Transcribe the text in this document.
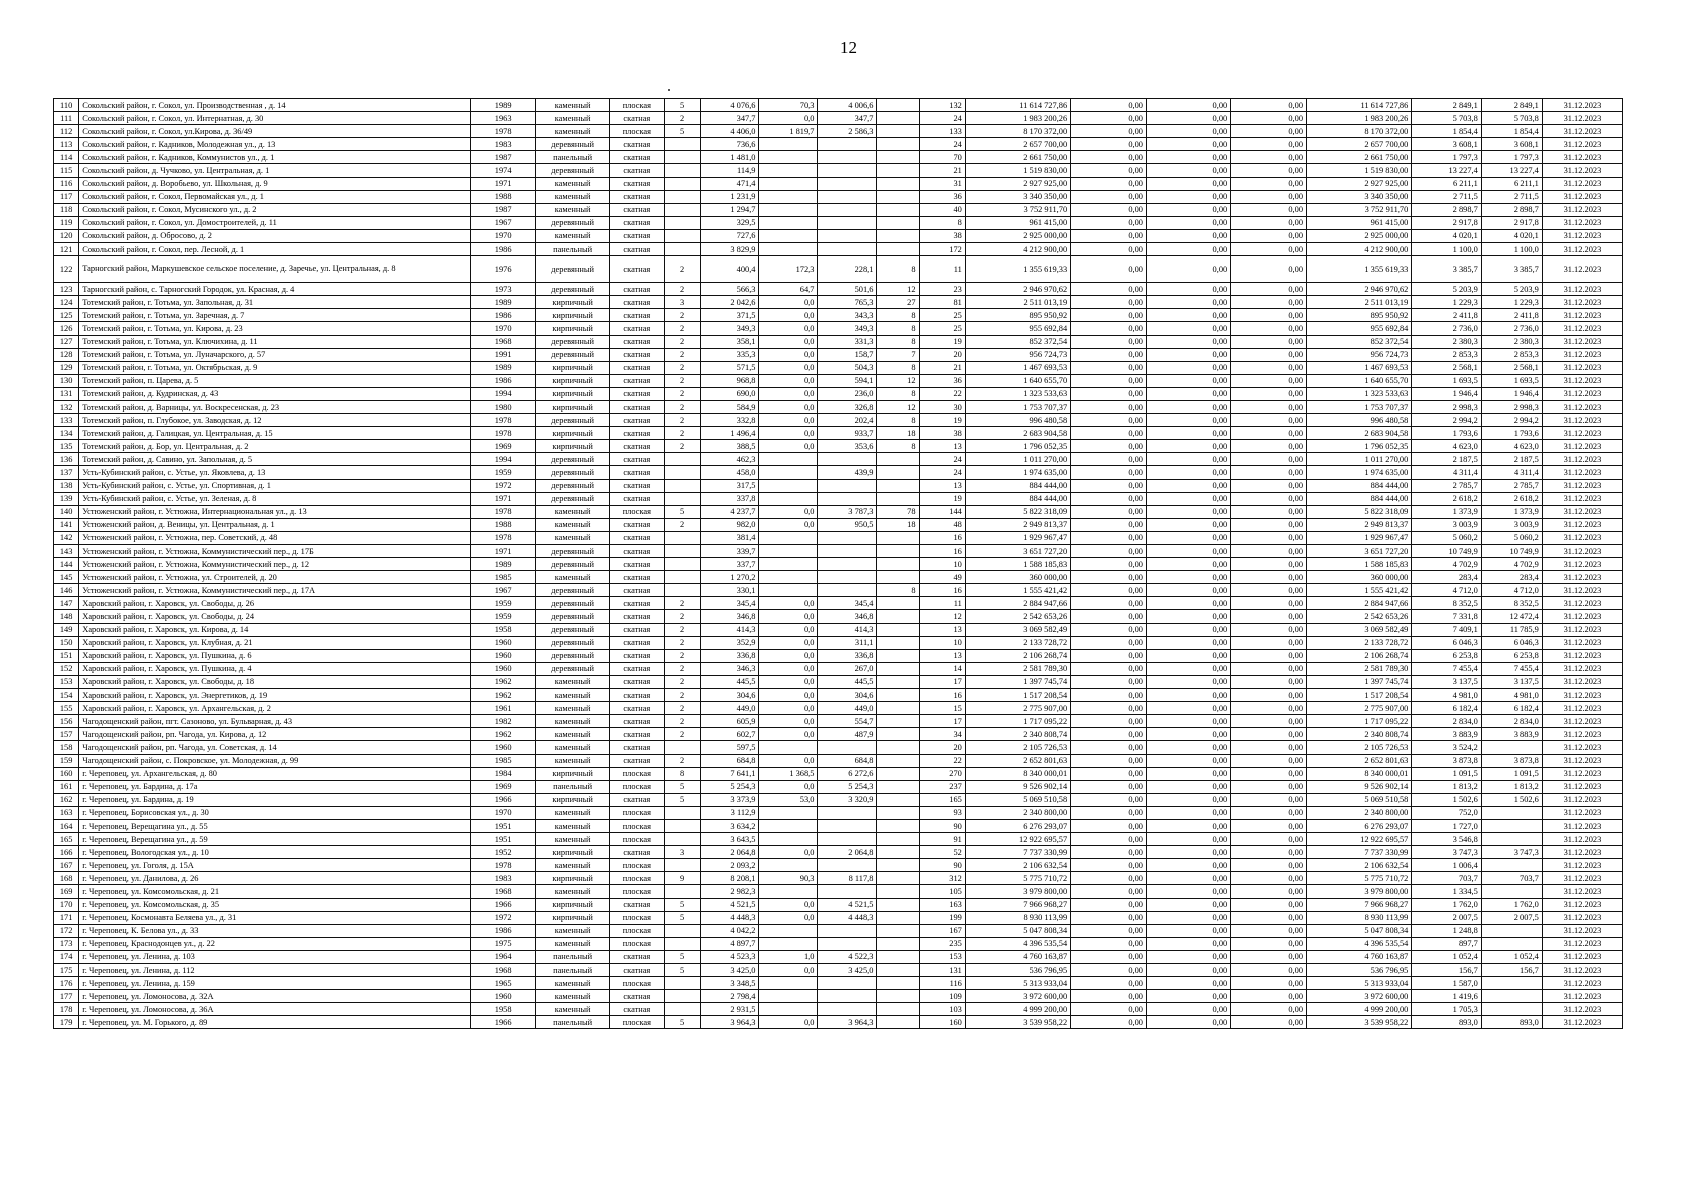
12
110	Сокольский район, г. Сокол, ул. Производственная , д. 14	1989	каменный	плоская	5	4 076,6	70,3	4 006,6		132	11 614 727,86	0,00	0,00	0,00	11 614 727,86	2 849,1	2 849,1	31.12.2023
111	Сокольский район, г. Сокол, ул. Интернатная, д. 30	1963	каменный	скатная	2	347,7	0,0	347,7		24	1 983 200,26	0,00	0,00	0,00	1 983 200,26	5 703,8	5 703,8	31.12.2023
112	Сокольский район, г. Сокол, ул.Кирова, д. 36/49	1978	каменный	плоская	5	4 406,0	1 819,7	2 586,3		133	8 170 372,00	0,00	0,00	0,00	8 170 372,00	1 854,4	1 854,4	31.12.2023
113	Сокольский район, г. Кадников, Молодежная ул., д. 13	1983	деревянный	скатная		736,6				24	2 657 700,00	0,00	0,00	0,00	2 657 700,00	3 608,1	3 608,1	31.12.2023
114	Сокольский район, г. Кадников, Коммунистов ул., д. 1	1987	панельный	скатная		1 481,0				70	2 661 750,00	0,00	0,00	0,00	2 661 750,00	1 797,3	1 797,3	31.12.2023
115	Сокольский район, д. Чучково, ул. Центральная, д. 1	1974	деревянный	скатная		114,9				21	1 519 830,00	0,00	0,00	0,00	1 519 830,00	13 227,4	13 227,4	31.12.2023
116	Сокольский район, д. Воробьево, ул. Школьная, д. 9	1971	каменный	скатная		471,4				31	2 927 925,00	0,00	0,00	0,00	2 927 925,00	6 211,1	6 211,1	31.12.2023
117	Сокольский район, г. Сокол, Первомайская ул., д. 1	1988	каменный	скатная		1 231,9				36	3 340 350,00	0,00	0,00	0,00	3 340 350,00	2 711,5	2 711,5	31.12.2023
118	Сокольский район, г. Сокол, Мусинского ул., д. 2	1987	каменный	скатная		1 294,7				40	3 752 911,70	0,00	0,00	0,00	3 752 911,70	2 898,7	2 898,7	31.12.2023
119	Сокольский район, г. Сокол, ул. Домостроителей, д. 11	1967	деревянный	скатная		329,5				8	961 415,00	0,00	0,00	0,00	961 415,00	2 917,8	2 917,8	31.12.2023
120	Сокольский район, д. Обросово, д. 2	1970	каменный	скатная		727,6				38	2 925 000,00	0,00	0,00	0,00	2 925 000,00	4 020,1	4 020,1	31.12.2023
121	Сокольский район, г. Сокол, пер. Лесной, д. 1	1986	панельный	скатная		3 829,9				172	4 212 900,00	0,00	0,00	0,00	4 212 900,00	1 100,0	1 100,0	31.12.2023
122	Тарногский район, Маркушевское сельское поселение, д. Заречье, ул. Центральная, д. 8	1976	деревянный	скатная	2	400,4	172,3	228,1	8	11	1 355 619,33	0,00	0,00	0,00	1 355 619,33	3 385,7	3 385,7	31.12.2023
123	Тарногский район, с. Тарногский Городок, ул. Красная, д. 4	1973	деревянный	скатная	2	566,3	64,7	501,6	12	23	2 946 970,62	0,00	0,00	0,00	2 946 970,62	5 203,9	5 203,9	31.12.2023
124	Тотемский район, г. Тотьма, ул. Запольная, д. 31	1989	кирпичный	скатная	3	2 042,6	0,0	765,3	27	81	2 511 013,19	0,00	0,00	0,00	2 511 013,19	1 229,3	1 229,3	31.12.2023
125	Тотемский район, г. Тотьма, ул. Заречная, д. 7	1986	кирпичный	скатная	2	371,5	0,0	343,3	8	25	895 950,92	0,00	0,00	0,00	895 950,92	2 411,8	2 411,8	31.12.2023
126	Тотемский район, г. Тотьма, ул. Кирова, д. 23	1970	кирпичный	скатная	2	349,3	0,0	349,3	8	25	955 692,84	0,00	0,00	0,00	955 692,84	2 736,0	2 736,0	31.12.2023
127	Тотемский район, г. Тотьма, ул. Ключихина, д. 11	1968	деревянный	скатная	2	358,1	0,0	331,3	8	19	852 372,54	0,00	0,00	0,00	852 372,54	2 380,3	2 380,3	31.12.2023
128	Тотемский район, г. Тотьма, ул. Луначарского, д. 57	1991	деревянный	скатная	2	335,3	0,0	158,7	7	20	956 724,73	0,00	0,00	0,00	956 724,73	2 853,3	2 853,3	31.12.2023
129	Тотемский район, г. Тотьма, ул. Октябрьская, д. 9	1989	кирпичный	скатная	2	571,5	0,0	504,3	8	21	1 467 693,53	0,00	0,00	0,00	1 467 693,53	2 568,1	2 568,1	31.12.2023
130	Тотемский район, п. Царева, д. 5	1986	кирпичный	скатная	2	968,8	0,0	594,1	12	36	1 640 655,70	0,00	0,00	0,00	1 640 655,70	1 693,5	1 693,5	31.12.2023
131	Тотемский район, д. Кудринская, д. 43	1994	кирпичный	скатная	2	690,0	0,0	236,0	8	22	1 323 533,63	0,00	0,00	0,00	1 323 533,63	1 946,4	1 946,4	31.12.2023
132	Тотемский район, д. Варницы, ул. Воскресенская, д. 23	1980	кирпичный	скатная	2	584,9	0,0	326,8	12	30	1 753 707,37	0,00	0,00	0,00	1 753 707,37	2 998,3	2 998,3	31.12.2023
133	Тотемский район, п. Глубокое, ул. Заводская, д. 12	1978	деревянный	скатная	2	332,8	0,0	202,4	8	19	996 480,58	0,00	0,00	0,00	996 480,58	2 994,2	2 994,2	31.12.2023
134	Тотемский район, д. Галицкая, ул. Центральная, д. 15	1978	кирпичный	скатная	2	1 496,4	0,0	933,7	18	38	2 683 904,58	0,00	0,00	0,00	2 683 904,58	1 793,6	1 793,6	31.12.2023
135	Тотемский район, д. Бор, ул. Центральная, д. 2	1969	кирпичный	скатная	2	388,5	0,0	353,6	8	13	1 796 052,35	0,00	0,00	0,00	1 796 052,35	4 623,0	4 623,0	31.12.2023
136	Тотемский район, д. Савино, ул. Запольная, д. 5	1994	деревянный	скатная		462,3				24	1 011 270,00	0,00	0,00	0,00	1 011 270,00	2 187,5	2 187,5	31.12.2023
137	Усть-Кубинский район, с. Устье, ул. Яковлева, д. 13	1959	деревянный	скатная		458,0		439,9		24	1 974 635,00	0,00	0,00	0,00	1 974 635,00	4 311,4	4 311,4	31.12.2023
138	Усть-Кубинский район, с. Устье, ул. Спортивная, д. 1	1972	деревянный	скатная		317,5				13	884 444,00	0,00	0,00	0,00	884 444,00	2 785,7	2 785,7	31.12.2023
139	Усть-Кубинский район, с. Устье, ул. Зеленая, д. 8	1971	деревянный	скатная		337,8				19	884 444,00	0,00	0,00	0,00	884 444,00	2 618,2	2 618,2	31.12.2023
140	Устюженский район, г. Устюжна, Интернациональная ул., д. 13	1978	каменный	плоская	5	4 237,7	0,0	3 787,3	78	144	5 822 318,09	0,00	0,00	0,00	5 822 318,09	1 373,9	1 373,9	31.12.2023
141	Устюженский район, д. Веницы, ул. Центральная, д. 1	1988	каменный	скатная	2	982,0	0,0	950,5	18	48	2 949 813,37	0,00	0,00	0,00	2 949 813,37	3 003,9	3 003,9	31.12.2023
142	Устюженский район, г. Устюжна, пер. Советский, д. 48	1978	каменный	скатная		381,4				16	1 929 967,47	0,00	0,00	0,00	1 929 967,47	5 060,2	5 060,2	31.12.2023
143	Устюженский район, г. Устюжна, Коммунистический пер., д. 17Б	1971	деревянный	скатная		339,7				16	3 651 727,20	0,00	0,00	0,00	3 651 727,20	10 749,9	10 749,9	31.12.2023
144	Устюженский район, г. Устюжна, Коммунистический пер., д. 12	1989	деревянный	скатная		337,7				10	1 588 185,83	0,00	0,00	0,00	1 588 185,83	4 702,9	4 702,9	31.12.2023
145	Устюженский район, г. Устюжна, ул. Строителей, д. 20	1985	каменный	скатная		1 270,2				49	360 000,00	0,00	0,00	0,00	360 000,00	283,4	283,4	31.12.2023
146	Устюженский район, г. Устюжна, Коммунистический пер., д. 17А	1967	деревянный	скатная		330,1			8	16	1 555 421,42	0,00	0,00	0,00	1 555 421,42	4 712,0	4 712,0	31.12.2023
147	Харовский район, г. Харовск, ул. Свободы, д. 26	1959	деревянный	скатная	2	345,4	0,0	345,4		11	2 884 947,66	0,00	0,00	0,00	2 884 947,66	8 352,5	8 352,5	31.12.2023
148	Харовский район, г. Харовск, ул. Свободы, д. 24	1959	деревянный	скатная	2	346,8	0,0	346,8		12	2 542 653,26	0,00	0,00	0,00	2 542 653,26	7 331,8	12 472,4	31.12.2023
149	Харовский район, г. Харовск, ул. Кирова, д. 14	1958	деревянный	скатная	2	414,3	0,0	414,3		13	3 069 582,49	0,00	0,00	0,00	3 069 582,49	7 409,1	11 785,9	31.12.2023
150	Харовский район, г. Харовск, ул. Клубная, д. 21	1960	деревянный	скатная	2	352,9	0,0	311,1		10	2 133 728,72	0,00	0,00	0,00	2 133 728,72	6 046,3	6 046,3	31.12.2023
151	Харовский район, г. Харовск, ул. Пушкина, д. 6	1960	деревянный	скатная	2	336,8	0,0	336,8		13	2 106 268,74	0,00	0,00	0,00	2 106 268,74	6 253,8	6 253,8	31.12.2023
152	Харовский район, г. Харовск, ул. Пушкина, д. 4	1960	деревянный	скатная	2	346,3	0,0	267,0		14	2 581 789,30	0,00	0,00	0,00	2 581 789,30	7 455,4	7 455,4	31.12.2023
153	Харовский район, г. Харовск, ул. Свободы, д. 18	1962	каменный	скатная	2	445,5	0,0	445,5		17	1 397 745,74	0,00	0,00	0,00	1 397 745,74	3 137,5	3 137,5	31.12.2023
154	Харовский район, г. Харовск, ул. Энергетиков, д. 19	1962	каменный	скатная	2	304,6	0,0	304,6		16	1 517 208,54	0,00	0,00	0,00	1 517 208,54	4 981,0	4 981,0	31.12.2023
155	Харовский район, г. Харовск, ул. Архангельская, д. 2	1961	каменный	скатная	2	449,0	0,0	449,0		15	2 775 907,00	0,00	0,00	0,00	2 775 907,00	6 182,4	6 182,4	31.12.2023
156	Чагодощенский район, пгт. Сазоново, ул. Бульварная, д. 43	1982	каменный	скатная	2	605,9	0,0	554,7		17	1 717 095,22	0,00	0,00	0,00	1 717 095,22	2 834,0	2 834,0	31.12.2023
157	Чагодощенский район, рп. Чагода, ул. Кирова, д. 12	1962	каменный	скатная	2	602,7	0,0	487,9		34	2 340 808,74	0,00	0,00	0,00	2 340 808,74	3 883,9	3 883,9	31.12.2023
158	Чагодощенский район, рп. Чагода, ул. Советская, д. 14	1960	каменный	скатная		597,5				20	2 105 726,53	0,00	0,00	0,00	2 105 726,53	3 524,2		31.12.2023
159	Чагодощенский район, с. Покровское, ул. Молодежная, д. 99	1985	каменный	скатная	2	684,8	0,0	684,8		22	2 652 801,63	0,00	0,00	0,00	2 652 801,63	3 873,8	3 873,8	31.12.2023
160	г. Череповец, ул. Архангельская, д. 80	1984	кирпичный	плоская	8	7 641,1	1 368,5	6 272,6		270	8 340 000,01	0,00	0,00	0,00	8 340 000,01	1 091,5	1 091,5	31.12.2023
161	г. Череповец, ул. Бардина, д. 17а	1969	панельный	плоская	5	5 254,3	0,0	5 254,3		237	9 526 902,14	0,00	0,00	0,00	9 526 902,14	1 813,2	1 813,2	31.12.2023
162	г. Череповец, ул. Бардина, д. 19	1966	кирпичный	скатная	5	3 373,9	53,0	3 320,9		165	5 069 510,58	0,00	0,00	0,00	5 069 510,58	1 502,6	1 502,6	31.12.2023
163	г. Череповец, Борисовская ул., д. 30	1970	каменный	плоская		3 112,9				93	2 340 800,00	0,00	0,00	0,00	2 340 800,00	752,0		31.12.2023
164	г. Череповец, Верещагина ул., д. 55	1951	каменный	плоская		3 634,2				90	6 276 293,07	0,00	0,00	0,00	6 276 293,07	1 727,0		31.12.2023
165	г. Череповец, Верещагина ул., д. 59	1951	каменный	плоская		3 643,5				91	12 922 695,57	0,00	0,00	0,00	12 922 695,57	3 546,8		31.12.2023
166	г. Череповец, Вологодская ул., д. 10	1952	кирпичный	скатная	3	2 064,8	0,0	2 064,8		52	7 737 330,99	0,00	0,00	0,00	7 737 330,99	3 747,3	3 747,3	31.12.2023
167	г. Череповец, ул. Гоголя, д. 15А	1978	каменный	плоская		2 093,2				90	2 106 632,54	0,00	0,00	0,00	2 106 632,54	1 006,4		31.12.2023
168	г. Череповец, ул. Данилова, д. 26	1983	кирпичный	плоская	9	8 208,1	90,3	8 117,8		312	5 775 710,72	0,00	0,00	0,00	5 775 710,72	703,7	703,7	31.12.2023
169	г. Череповец, ул. Комсомольская, д. 21	1968	каменный	плоская		2 982,3				105	3 979 800,00	0,00	0,00	0,00	3 979 800,00	1 334,5		31.12.2023
170	г. Череповец, ул. Комсомольская, д. 35	1966	кирпичный	скатная	5	4 521,5	0,0	4 521,5		163	7 966 968,27	0,00	0,00	0,00	7 966 968,27	1 762,0	1 762,0	31.12.2023
171	г. Череповец, Космонавта Беляева ул., д. 31	1972	кирпичный	плоская	5	4 448,3	0,0	4 448,3		199	8 930 113,99	0,00	0,00	0,00	8 930 113,99	2 007,5	2 007,5	31.12.2023
172	г. Череповец, К. Белова ул., д. 33	1986	каменный	плоская		4 042,2				167	5 047 808,34	0,00	0,00	0,00	5 047 808,34	1 248,8		31.12.2023
173	г. Череповец, Краснодонцев ул., д. 22	1975	каменный	плоская		4 897,7				235	4 396 535,54	0,00	0,00	0,00	4 396 535,54	897,7		31.12.2023
174	г. Череповец, ул. Ленина, д. 103	1964	панельный	скатная	5	4 523,3	1,0	4 522,3		153	4 760 163,87	0,00	0,00	0,00	4 760 163,87	1 052,4	1 052,4	31.12.2023
175	г. Череповец, ул. Ленина, д. 112	1968	панельный	скатная	5	3 425,0	0,0	3 425,0		131	536 796,95	0,00	0,00	0,00	536 796,95	156,7	156,7	31.12.2023
176	г. Череповец, ул. Ленина, д. 159	1965	каменный	плоская		3 348,5				116	5 313 933,04	0,00	0,00	0,00	5 313 933,04	1 587,0		31.12.2023
177	г. Череповец, ул. Ломоносова, д. 32А	1960	каменный	скатная		2 798,4				109	3 972 600,00	0,00	0,00	0,00	3 972 600,00	1 419,6		31.12.2023
178	г. Череповец, ул. Ломоносова, д. 36А	1958	каменный	скатная		2 931,5				103	4 999 200,00	0,00	0,00	0,00	4 999 200,00	1 705,3		31.12.2023
179	г. Череповец, ул. М. Горького, д. 89	1966	панельный	плоская	5	3 964,3	0,0	3 964,3		160	3 539 958,22	0,00	0,00	0,00	3 539 958,22	893,0	893,0	31.12.2023
